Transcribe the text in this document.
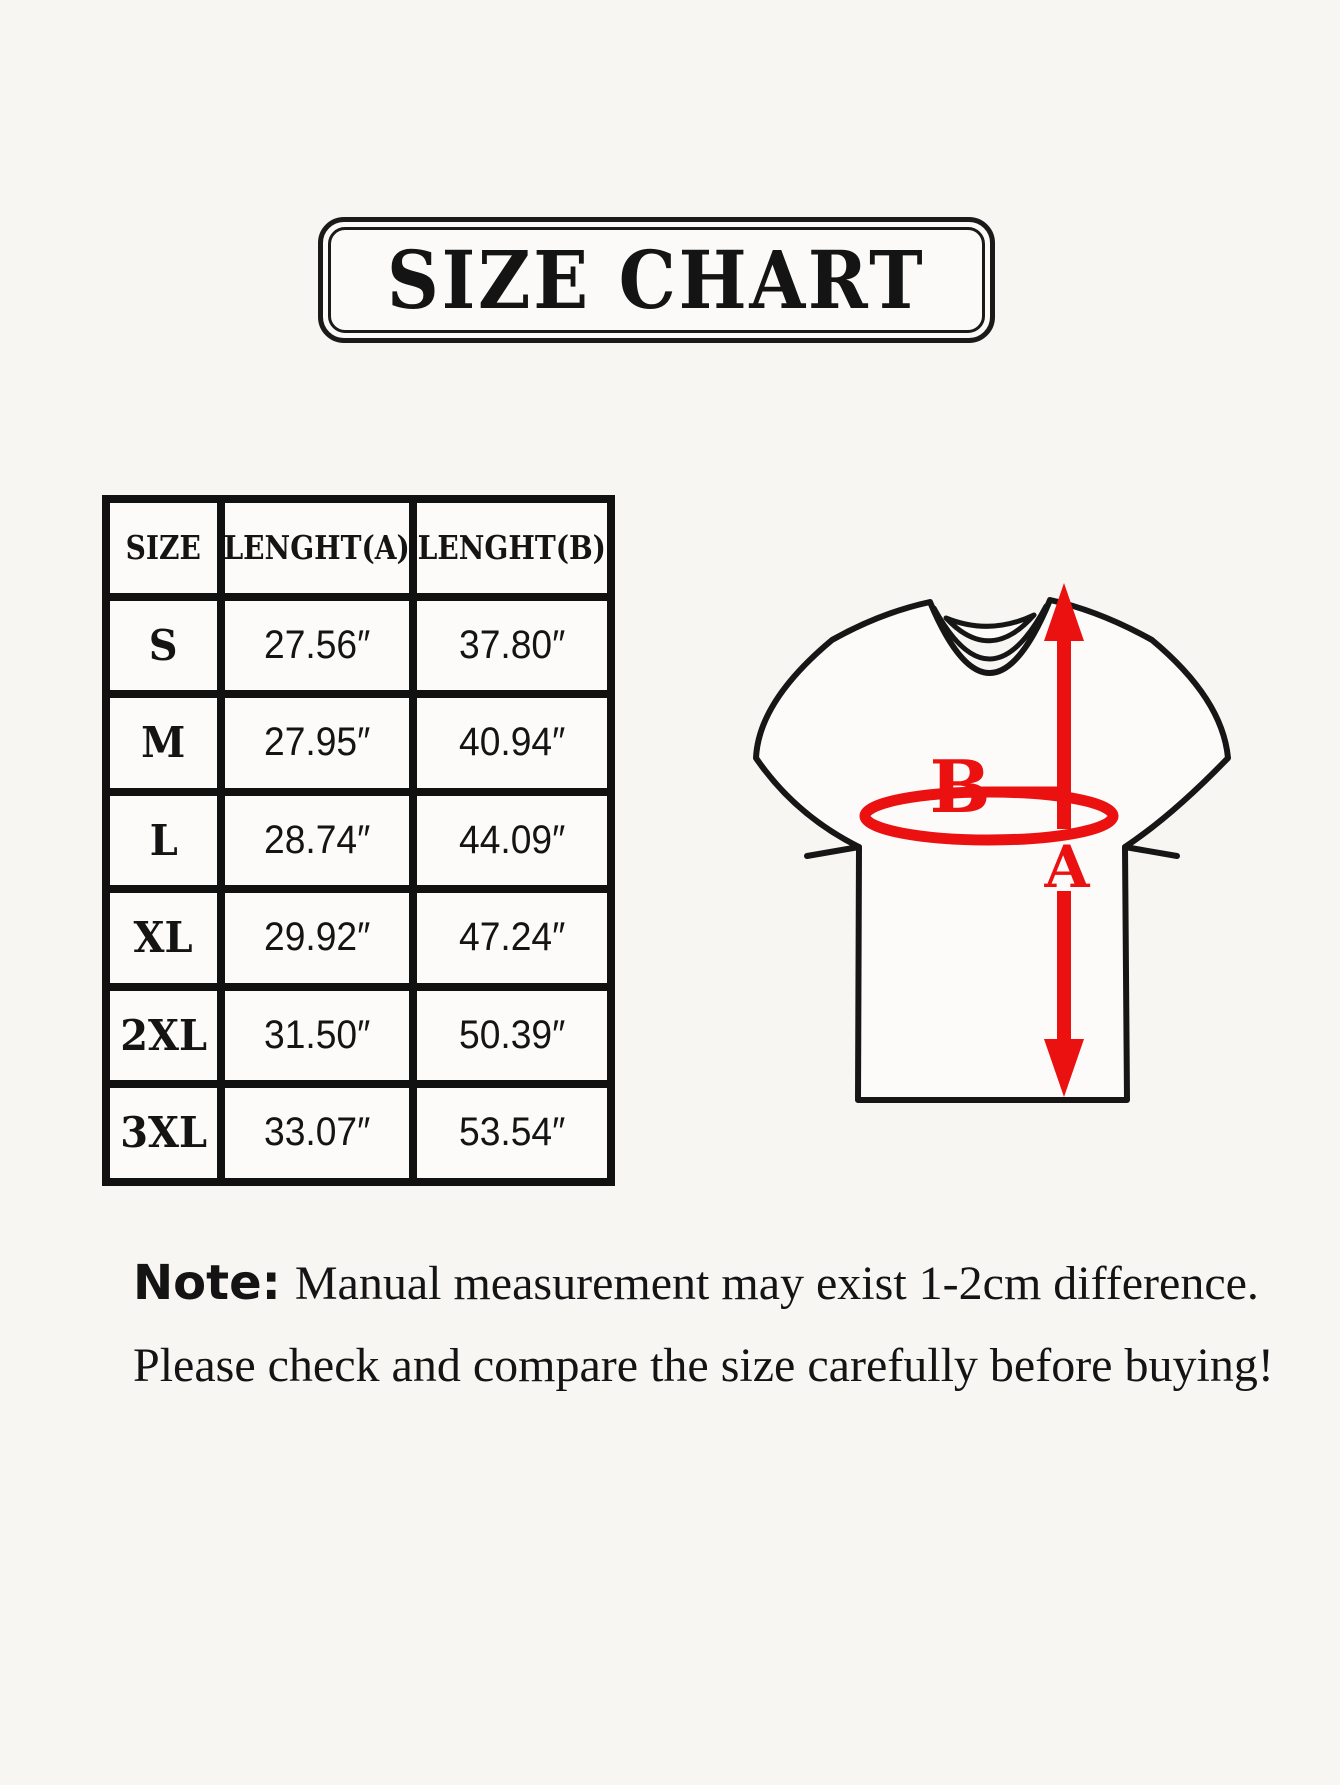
SIZE CHART
SIZE LENGHT(A) LENGHT(B)
S 27.56″ 37.80″
M 27.95″ 40.94″
L 28.74″ 44.09″
XL 29.92″ 47.24″
2XL 31.50″ 50.39″
3XL 33.07″ 53.54″
B
A
Note: Manual measurement may exist 1-2cm difference.
Please check and compare the size carefully before buying!
